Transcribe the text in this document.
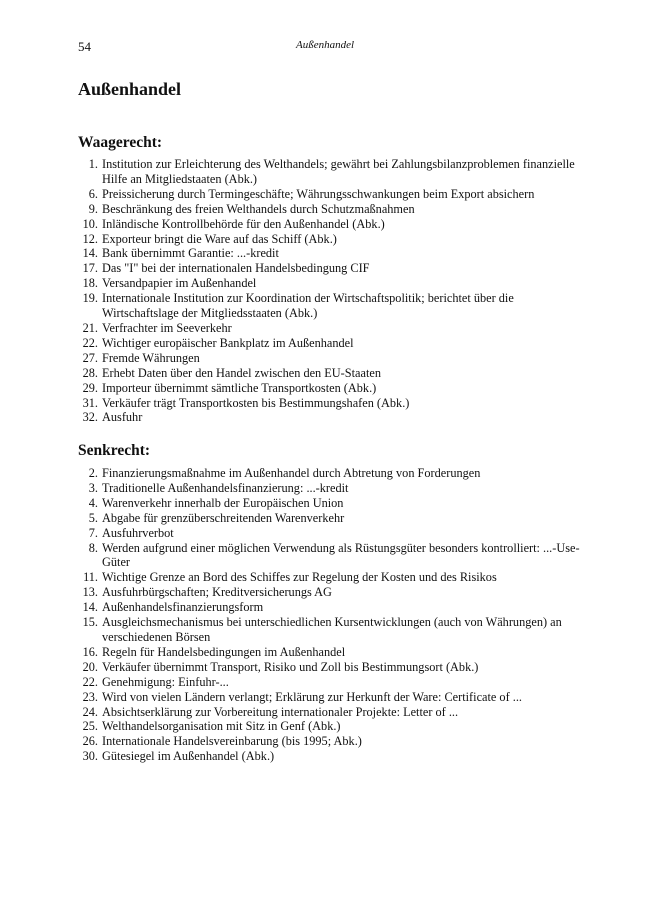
54	Außenhandel
Außenhandel
Waagerecht:
1. Institution zur Erleichterung des Welthandels; gewährt bei Zahlungsbilanzproblemen finanzielle Hilfe an Mitgliedstaaten (Abk.)
6. Preissicherung durch Termingeschäfte; Währungsschwankungen beim Export absichern
9. Beschränkung des freien Welthandels durch Schutzmaßnahmen
10. Inländische Kontrollbehörde für den Außenhandel (Abk.)
12. Exporteur bringt die Ware auf das Schiff (Abk.)
14. Bank übernimmt Garantie: ...-kredit
17. Das "I" bei der internationalen Handelsbedingung CIF
18. Versandpapier im Außenhandel
19. Internationale Institution zur Koordination der Wirtschaftspolitik; berichtet über die Wirtschaftslage der Mitgliedsstaaten (Abk.)
21. Verfrachter im Seeverkehr
22. Wichtiger europäischer Bankplatz im Außenhandel
27. Fremde Währungen
28. Erhebt Daten über den Handel zwischen den EU-Staaten
29. Importeur übernimmt sämtliche Transportkosten (Abk.)
31. Verkäufer trägt Transportkosten bis Bestimmungshafen (Abk.)
32. Ausfuhr
Senkrecht:
2. Finanzierungsmaßnahme im Außenhandel durch Abtretung von Forderungen
3. Traditionelle Außenhandelsfinanzierung: ...-kredit
4. Warenverkehr innerhalb der Europäischen Union
5. Abgabe für grenzüberschreitenden Warenverkehr
7. Ausfuhrverbot
8. Werden aufgrund einer möglichen Verwendung als Rüstungsgüter besonders kontrolliert: ...-Use-Güter
11. Wichtige Grenze an Bord des Schiffes zur Regelung der Kosten und des Risikos
13. Ausfuhrbürgschaften; Kreditversicherungs AG
14. Außenhandelsfinanzierungsform
15. Ausgleichsmechanismus bei unterschiedlichen Kursentwicklungen (auch von Währungen) an verschiedenen Börsen
16. Regeln für Handelsbedingungen im Außenhandel
20. Verkäufer übernimmt Transport, Risiko und Zoll bis Bestimmungsort (Abk.)
22. Genehmigung: Einfuhr-...
23. Wird von vielen Ländern verlangt; Erklärung zur Herkunft der Ware: Certificate of ...
24. Absichtserklärung zur Vorbereitung internationaler Projekte: Letter of ...
25. Welthandelsorganisation mit Sitz in Genf (Abk.)
26. Internationale Handelsvereinbarung (bis 1995; Abk.)
30. Gütesiegel im Außenhandel (Abk.)
